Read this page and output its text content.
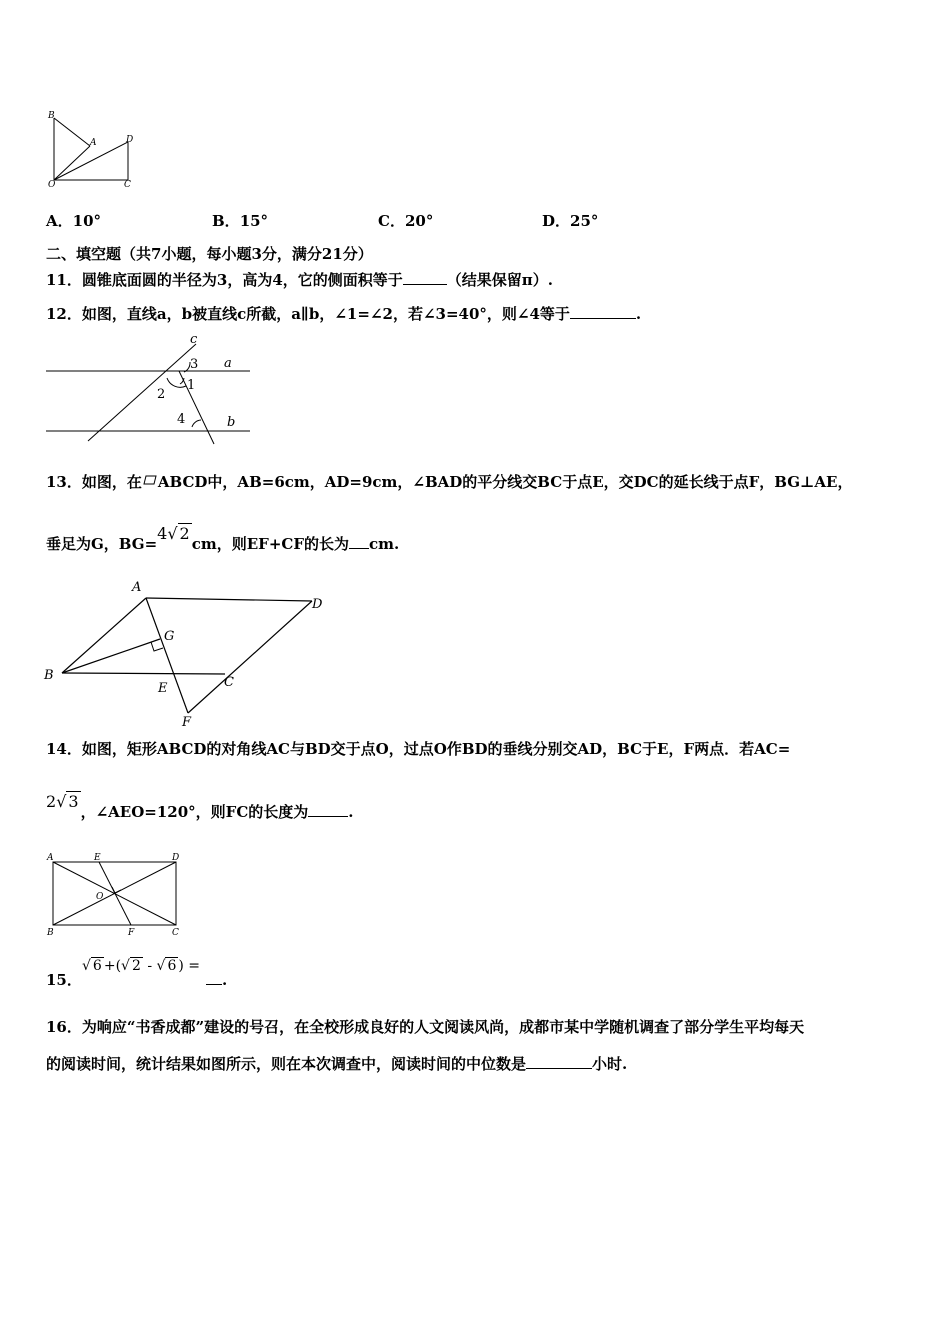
B
A	D
O	C
A．10°	B．15°	C．20°	D．25°
二、填空题（共7小题，每小题3分，满分21分）
11．圆锥底面圆的半径为3，高为4，它的侧面积等于	（结果保留π）.
12．如图，直线a，b被直线c所截，a∥b，∠1=∠2，若∠3=40°，则∠4等于	.
c
3 a
1
2
4	b
13．如图，在 ABCD中，AB=6cm，AD=9cm，∠BAD的平分线交BC于点E，交DC的延长线于点F，BG⊥AE，
垂足为G，BG=4√ 2cm，则EF+CF的长为 cm.
A
D
G
B
E	C
F
14．如图，矩形ABCD的对角线AC与BD交于点O，过点O作BD的垂线分别交AD，BC于E，F两点．若AC=
2√ 3，∠AEO=120°，则FC的长度为	.
A	E	D
O
B	F	C
15．
√ 6 +(√ 2 - √ 6 ) =
.
16．为响应“书香成都”建设的号召，在全校形成良好的人文阅读风尚，成都市某中学随机调查了部分学生平均每天
的阅读时间，统计结果如图所示，则在本次调查中，阅读时间的中位数是	小时.
